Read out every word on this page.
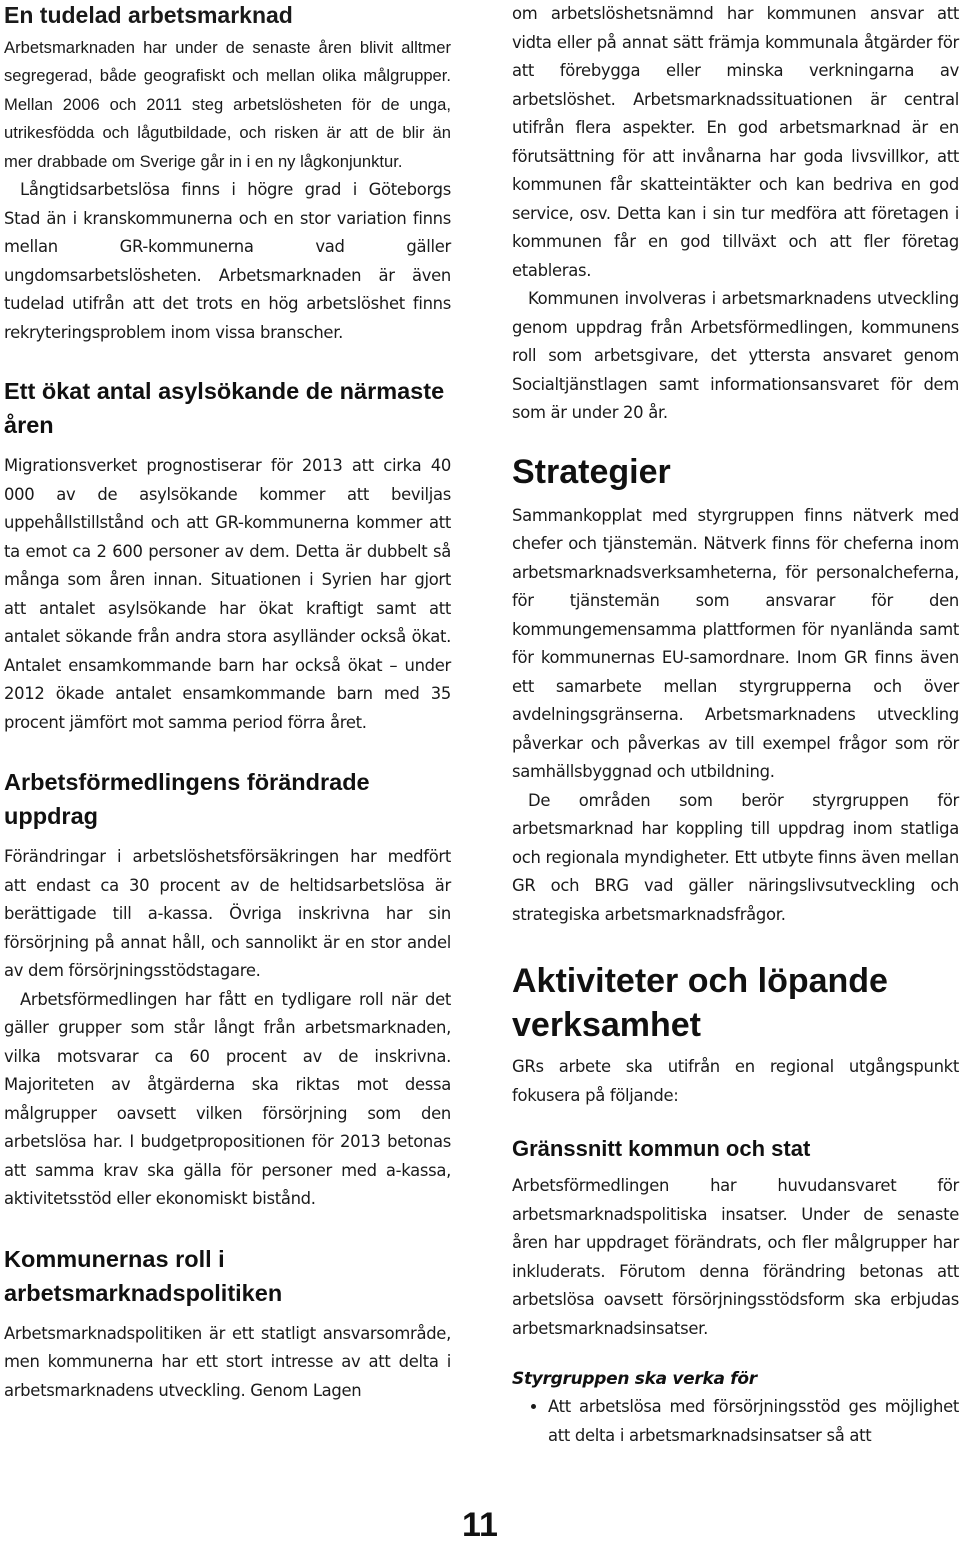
En tudelad arbetsmarknad

Arbetsmarknaden har under de senaste åren blivit alltmer segregerad, både geografiskt och mellan olika målgrupper. Mellan 2006 och 2011 steg arbetslösheten för de unga, utrikesfödda och lågutbildade, och risken är att de blir än mer drabbade om Sverige går in i en ny lågkonjunktur.

Långtidsarbetslösa finns i högre grad i Göteborgs Stad än i kranskommunerna och en stor variation finns mellan GR-kommunerna vad gäller ungdomsarbetslösheten. Arbetsmarknaden är även tudelad utifrån att det trots en hög arbetslöshet finns rekryteringsproblem inom vissa branscher.

Ett ökat antal asylsökande de närmaste åren

Migrationsverket prognostiserar för 2013 att cirka 40 000 av de asylsökande kommer att beviljas uppehållstillstånd och att GR-kommunerna kommer att ta emot ca 2 600 personer av dem. Detta är dubbelt så många som åren innan. Situationen i Syrien har gjort att antalet asylsökande har ökat kraftigt samt att antalet sökande från andra stora asylländer också ökat. Antalet ensamkommande barn har också ökat – under 2012 ökade antalet ensamkommande barn med 35 procent jämfört mot samma period förra året.

Arbetsförmedlingens förändrade uppdrag

Förändringar i arbetslöshetsförsäkringen har medfört att endast ca 30 procent av de heltidsarbetslösa är berättigade till a-kassa. Övriga inskrivna har sin försörjning på annat håll, och sannolikt är en stor andel av dem försörjningsstödstagare.

Arbetsförmedlingen har fått en tydligare roll när det gäller grupper som står långt från arbetsmarknaden, vilka motsvarar ca 60 procent av de inskrivna. Majoriteten av åtgärderna ska riktas mot dessa målgrupper oavsett vilken försörjning som den arbetslösa har. I budgetpropositionen för 2013 betonas att samma krav ska gälla för personer med a-kassa, aktivitetsstöd eller ekonomiskt bistånd.

Kommunernas roll i arbetsmarknadspolitiken

Arbetsmarknadspolitiken är ett statligt ansvarsområde, men kommunerna har ett stort intresse av att delta i arbetsmarknadens utveckling. Genom Lagen

om arbetslöshetsnämnd har kommunen ansvar att vidta eller på annat sätt främja kommunala åtgärder för att förebygga eller minska verkningarna av arbetslöshet. Arbetsmarknadssituationen är central utifrån flera aspekter. En god arbetsmarknad är en förutsättning för att invånarna har goda livsvillkor, att kommunen får skatteintäkter och kan bedriva en god service, osv. Detta kan i sin tur medföra att företagen i kommunen får en god tillväxt och att fler företag etableras.

Kommunen involveras i arbetsmarknadens utveckling genom uppdrag från Arbetsförmedlingen, kommunens roll som arbetsgivare, det yttersta ansvaret genom Socialtjänstlagen samt informationsansvaret för dem som är under 20 år.

Strategier

Sammankopplat med styrgruppen finns nätverk med chefer och tjänstemän. Nätverk finns för cheferna inom arbetsmarknadsverksamheterna, för personalcheferna, för tjänstemän som ansvarar för den kommungemensamma plattformen för nyanlända samt för kommunernas EU-samordnare. Inom GR finns även ett samarbete mellan styrgrupperna och över avdelningsgränserna. Arbetsmarknadens utveckling påverkar och påverkas av till exempel frågor som rör samhällsbyggnad och utbildning.

De områden som berör styrgruppen för arbetsmarknad har koppling till uppdrag inom statliga och regionala myndigheter. Ett utbyte finns även mellan GR och BRG vad gäller näringslivsutveckling och strategiska arbetsmarknadsfrågor.

Aktiviteter och löpande verksamhet

GRs arbete ska utifrån en regional utgångspunkt fokusera på följande:

Gränssnitt kommun och stat

Arbetsförmedlingen har huvudansvaret för arbetsmarknadspolitiska insatser. Under de senaste åren har uppdraget förändrats, och fler målgrupper har inkluderats. Förutom denna förändring betonas att arbetslösa oavsett försörjningsstödsform ska erbjudas arbetsmarknadsinsatser.

Styrgruppen ska verka för
• Att arbetslösa med försörjningsstöd ges möjlighet att delta i arbetsmarknadsinsatser så att
11
